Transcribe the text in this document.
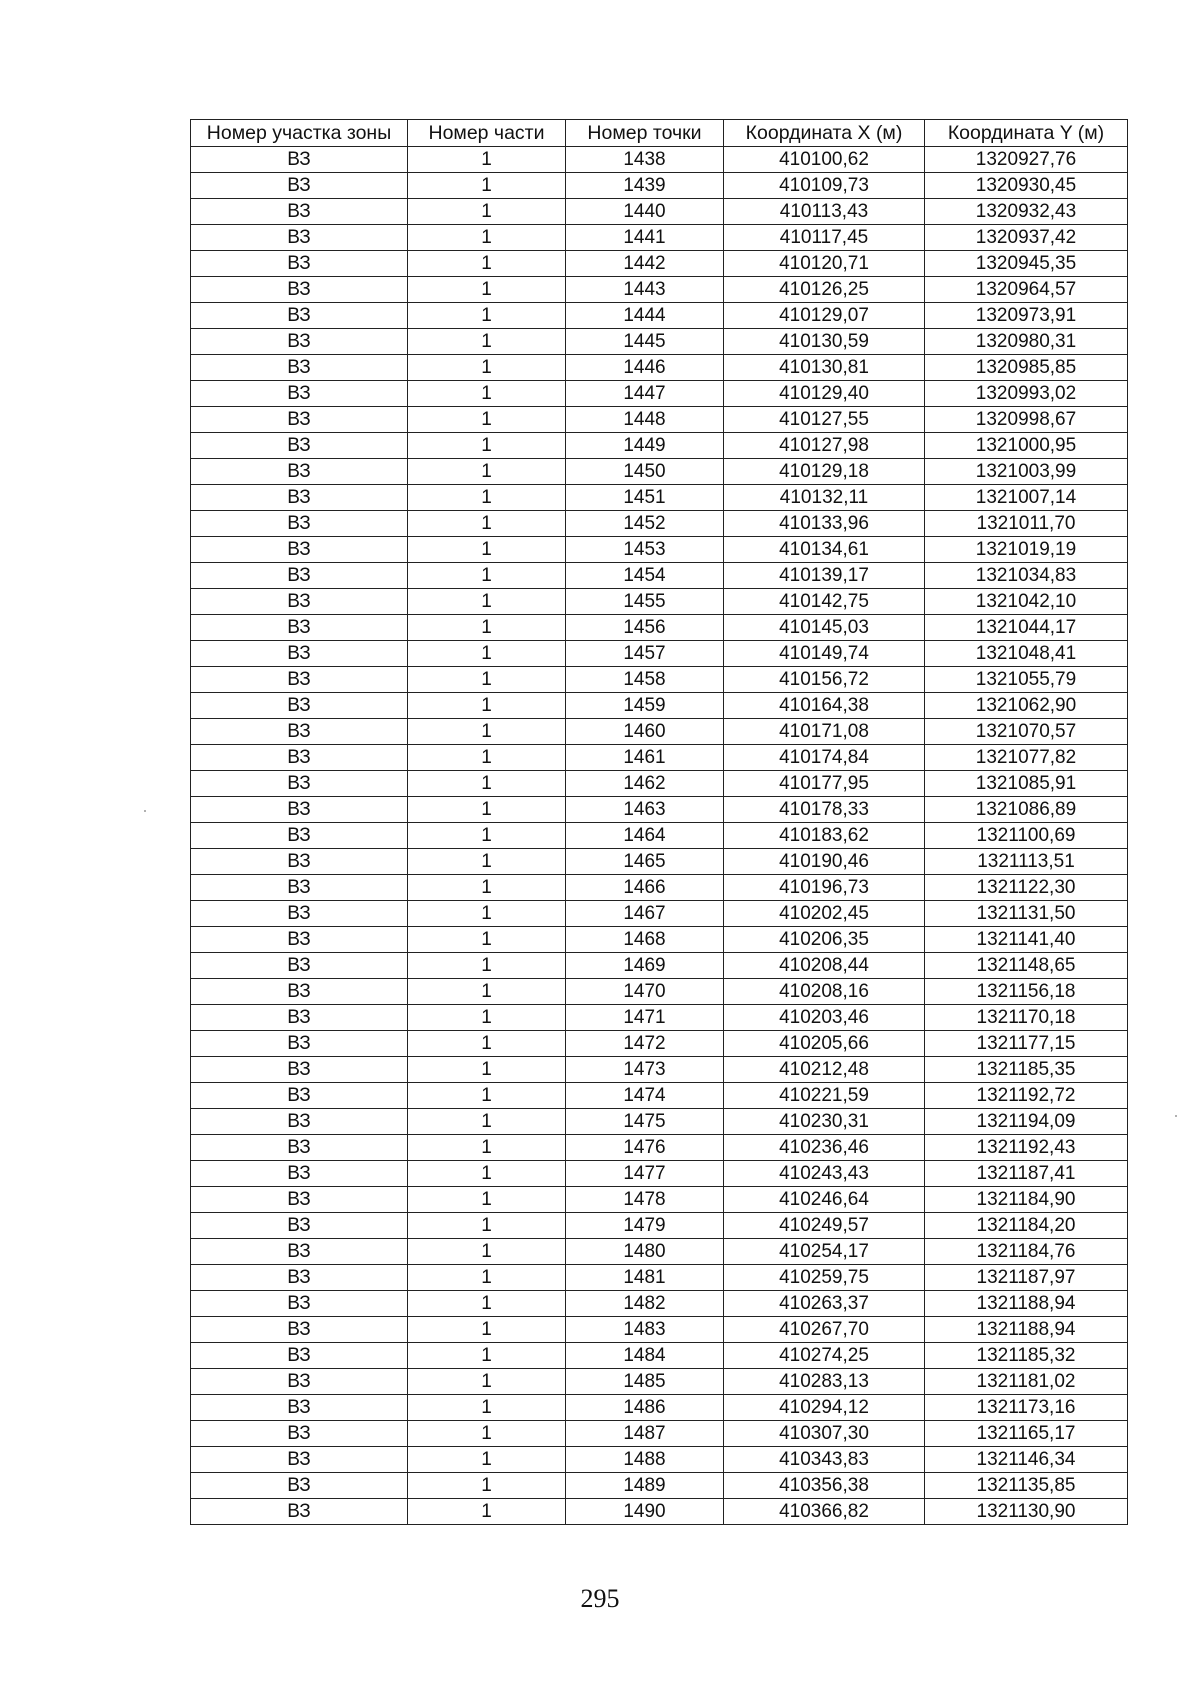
Номер участка зоны	Номер части	Номер точки	Координата X (м)	Координата Y (м)
ВЗ	1	1438	410100,62	1320927,76
ВЗ	1	1439	410109,73	1320930,45
ВЗ	1	1440	410113,43	1320932,43
ВЗ	1	1441	410117,45	1320937,42
ВЗ	1	1442	410120,71	1320945,35
ВЗ	1	1443	410126,25	1320964,57
ВЗ	1	1444	410129,07	1320973,91
ВЗ	1	1445	410130,59	1320980,31
ВЗ	1	1446	410130,81	1320985,85
ВЗ	1	1447	410129,40	1320993,02
ВЗ	1	1448	410127,55	1320998,67
ВЗ	1	1449	410127,98	1321000,95
ВЗ	1	1450	410129,18	1321003,99
ВЗ	1	1451	410132,11	1321007,14
ВЗ	1	1452	410133,96	1321011,70
ВЗ	1	1453	410134,61	1321019,19
ВЗ	1	1454	410139,17	1321034,83
ВЗ	1	1455	410142,75	1321042,10
ВЗ	1	1456	410145,03	1321044,17
ВЗ	1	1457	410149,74	1321048,41
ВЗ	1	1458	410156,72	1321055,79
ВЗ	1	1459	410164,38	1321062,90
ВЗ	1	1460	410171,08	1321070,57
ВЗ	1	1461	410174,84	1321077,82
ВЗ	1	1462	410177,95	1321085,91
ВЗ	1	1463	410178,33	1321086,89
ВЗ	1	1464	410183,62	1321100,69
ВЗ	1	1465	410190,46	1321113,51
ВЗ	1	1466	410196,73	1321122,30
ВЗ	1	1467	410202,45	1321131,50
ВЗ	1	1468	410206,35	1321141,40
ВЗ	1	1469	410208,44	1321148,65
ВЗ	1	1470	410208,16	1321156,18
ВЗ	1	1471	410203,46	1321170,18
ВЗ	1	1472	410205,66	1321177,15
ВЗ	1	1473	410212,48	1321185,35
ВЗ	1	1474	410221,59	1321192,72
ВЗ	1	1475	410230,31	1321194,09
ВЗ	1	1476	410236,46	1321192,43
ВЗ	1	1477	410243,43	1321187,41
ВЗ	1	1478	410246,64	1321184,90
ВЗ	1	1479	410249,57	1321184,20
ВЗ	1	1480	410254,17	1321184,76
ВЗ	1	1481	410259,75	1321187,97
ВЗ	1	1482	410263,37	1321188,94
ВЗ	1	1483	410267,70	1321188,94
ВЗ	1	1484	410274,25	1321185,32
ВЗ	1	1485	410283,13	1321181,02
ВЗ	1	1486	410294,12	1321173,16
ВЗ	1	1487	410307,30	1321165,17
ВЗ	1	1488	410343,83	1321146,34
ВЗ	1	1489	410356,38	1321135,85
ВЗ	1	1490	410366,82	1321130,90
295
